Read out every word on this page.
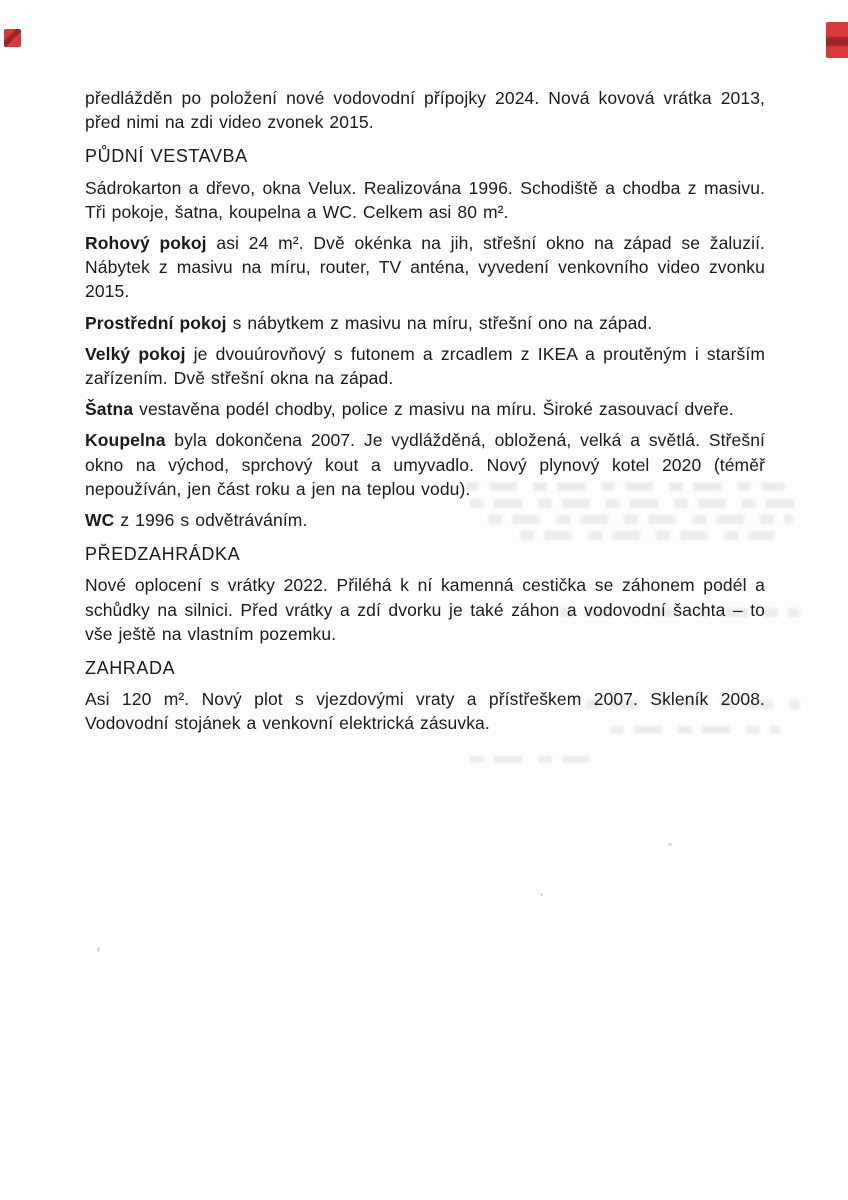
předlážděn po položení nové vodovodní přípojky 2024. Nová kovová vrátka 2013, před nimi na zdi video zvonek 2015.

PŮDNÍ VESTAVBA

Sádrokarton a dřevo, okna Velux. Realizována 1996. Schodiště a chodba z masivu. Tři pokoje, šatna, koupelna a WC. Celkem asi 80 m².

Rohový pokoj asi 24 m². Dvě okénka na jih, střešní okno na západ se žaluzií. Nábytek z masivu na míru, router, TV anténa, vyvedení venkovního video zvonku 2015.

Prostřední pokoj s nábytkem z masivu na míru, střešní ono na západ.

Velký pokoj je dvouúrovňový s futonem a zrcadlem z IKEA a proutěným i starším zařízením. Dvě střešní okna na západ.

Šatna vestavěna podél chodby, police z masivu na míru. Široké zasouvací dveře.

Koupelna byla dokončena 2007. Je vydlážděná, obložená, velká a světlá. Střešní okno na východ, sprchový kout a umyvadlo. Nový plynový kotel 2020 (téměř nepoužíván, jen část roku a jen na teplou vodu).

WC z 1996 s odvětráváním.

PŘEDZAHRÁDKA

Nové oplocení s vrátky 2022. Přiléhá k ní kamenná cestička se záhonem podél a schůdky na silnici. Před vrátky a zdí dvorku je také záhon a vodovodní šachta – to vše ještě na vlastním pozemku.

ZAHRADA

Asi 120 m². Nový plot s vjezdovými vraty a přístřeškem 2007. Skleník 2008. Vodovodní stojánek a venkovní elektrická zásuvka.
